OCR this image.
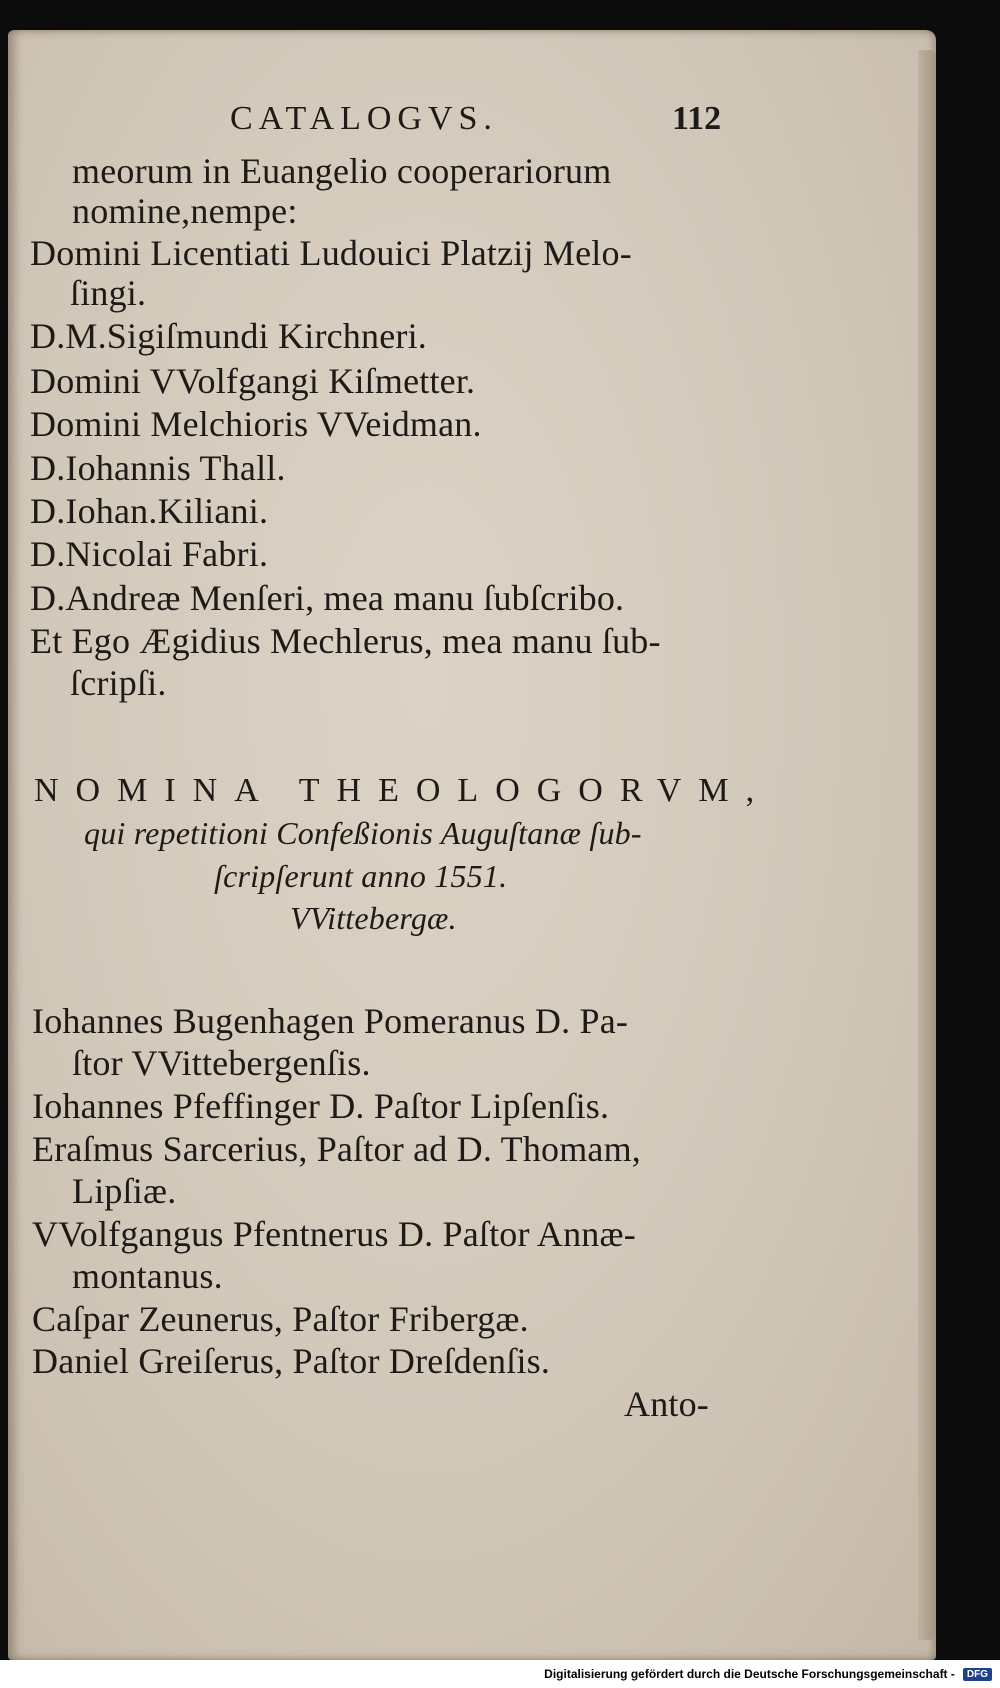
CATALOGVS.	112
meorum in Euangelio cooperariorum
nomine,nempe:
Domini Licentiati Ludouici Platzij Melo-
ſingi.
D.M.Sigiſmundi Kirchneri.
Domini VVolfgangi Kiſmetter.
Domini Melchioris VVeidman.
D.Iohannis Thall.
D.Iohan.Kiliani.
D.Nicolai Fabri.
D.Andreæ Menſeri, mea manu ſubſcribo.
Et Ego Ægidius Mechlerus, mea manu ſub-
ſcripſi.
NOMINA THEOLOGORVM,
qui repetitioni Confeßionis Auguſtanæ ſub-
ſcripſerunt anno 1551.
VVittebergæ.
Iohannes Bugenhagen Pomeranus D. Pa-
ſtor VVittebergenſis.
Iohannes Pfeffinger D. Paſtor Lipſenſis.
Eraſmus Sarcerius, Paſtor ad D. Thomam,
Lipſiæ.
VVolfgangus Pfentnerus D. Paſtor Annæ-
montanus.
Caſpar Zeunerus, Paſtor Fribergæ.
Daniel Greiſerus, Paſtor Dreſdenſis.
Anto-
Digitalisierung gefördert durch die Deutsche Forschungsgemeinschaft -	DFG
